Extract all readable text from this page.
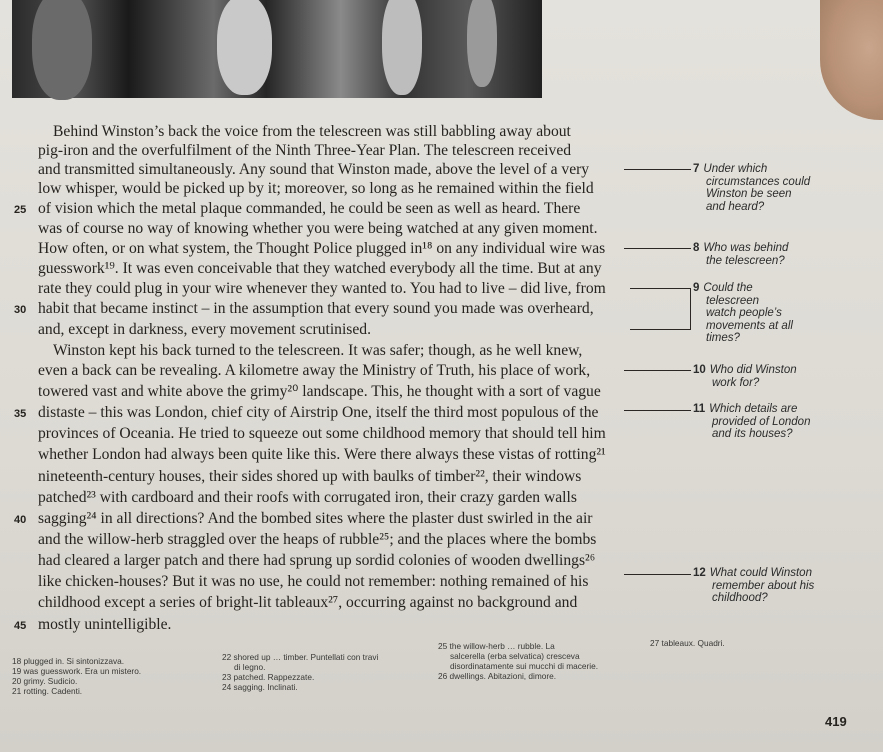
Behind Winston’s back the voice from the telescreen was still babbling away about
pig-iron and the overfulfilment of the Ninth Three-Year Plan. The telescreen received
and transmitted simultaneously. Any sound that Winston made, above the level of a very
low whisper, would be picked up by it; moreover, so long as he remained within the field
of vision which the metal plaque commanded, he could be seen as well as heard. There
was of course no way of knowing whether you were being watched at any given moment.
How often, or on what system, the Thought Police plugged in¹⁸ on any individual wire was
guesswork¹⁹. It was even conceivable that they watched everybody all the time. But at any
rate they could plug in your wire whenever they wanted to. You had to live – did live, from
habit that became instinct – in the assumption that every sound you made was overheard,
and, except in darkness, every movement scrutinised.
Winston kept his back turned to the telescreen. It was safer; though, as he well knew,
even a back can be revealing. A kilometre away the Ministry of Truth, his place of work,
towered vast and white above the grimy²⁰ landscape. This, he thought with a sort of vague
distaste – this was London, chief city of Airstrip One, itself the third most populous of the
provinces of Oceania. He tried to squeeze out some childhood memory that should tell him
whether London had always been quite like this. Were there always these vistas of rotting²¹
nineteenth-century houses, their sides shored up with baulks of timber²², their windows
patched²³ with cardboard and their roofs with corrugated iron, their crazy garden walls
sagging²⁴ in all directions? And the bombed sites where the plaster dust swirled in the air
and the willow-herb straggled over the heaps of rubble²⁵; and the places where the bombs
had cleared a larger patch and there had sprung up sordid colonies of wooden dwellings²⁶
like chicken-houses? But it was no use, he could not remember: nothing remained of his
childhood except a series of bright-lit tableaux²⁷, occurring against no background and
mostly unintelligible.
25
30
35
40
45
7 Under which
circumstances could
Winston be seen
and heard?
8 Who was behind
the telescreen?
9 Could the
telescreen
watch people’s
movements at all
times?
10 Who did Winston
work for?
11 Which details are
provided of London
and its houses?
12 What could Winston
remember about his
childhood?
18 plugged in. Si sintonizzava.
19 was guesswork. Era un mistero.
20 grimy. Sudicio.
21 rotting. Cadenti.
22 shored up … timber. Puntellati con travi
di legno.
23 patched. Rappezzate.
24 sagging. Inclinati.
25 the willow-herb … rubble. La
salcerella (erba selvatica) cresceva
disordinatamente sui mucchi di macerie.
26 dwellings. Abitazioni, dimore.
27 tableaux. Quadri.
419
